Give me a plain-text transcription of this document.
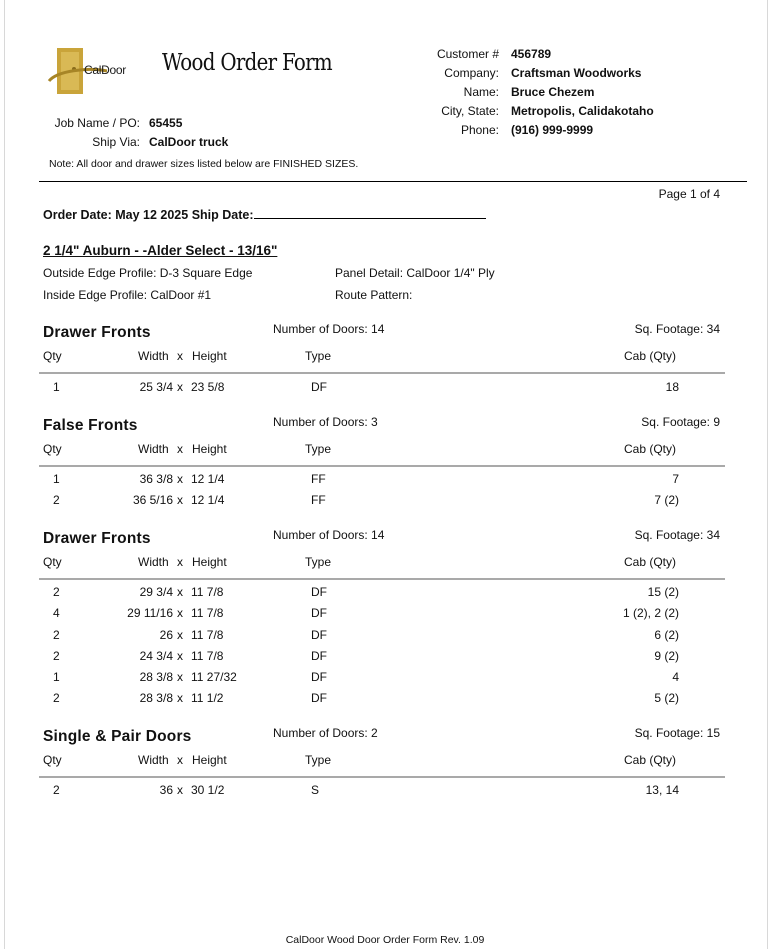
CalDoor Wood Order Form	Customer # 456789
Company: Craftsman Woodworks
Name: Bruce Chezem
City, State: Metropolis, Calidakotaho
Phone: (916) 999-9999
Job Name / PO: 65455
Ship Via: CalDoor truck
Note: All door and drawer sizes listed below are FINISHED SIZES.
Page 1 of 4
Order Date: May 12 2025 Ship Date:
2 1/4" Auburn - -Alder Select - 13/16"
Outside Edge Profile: D-3 Square Edge
Inside Edge Profile: CalDoor #1
Panel Detail: CalDoor 1/4" Ply
Route Pattern:
Drawer Fronts	Number of Doors: 14	Sq. Footage: 34
Qty	Width x Height	Type	Cab (Qty)
1	25 3/4 x 23 5/8	DF	18
False Fronts	Number of Doors: 3	Sq. Footage: 9
Qty	Width x Height	Type	Cab (Qty)
1	36 3/8 x 12 1/4	FF	7
2	36 5/16 x 12 1/4	FF	7 (2)
Drawer Fronts	Number of Doors: 14	Sq. Footage: 34
Qty	Width x Height	Type	Cab (Qty)
2	29 3/4 x 11 7/8	DF	15 (2)
4	29 11/16 x 11 7/8	DF	1 (2), 2 (2)
2	26 x 11 7/8	DF	6 (2)
2	24 3/4 x 11 7/8	DF	9 (2)
1	28 3/8 x 11 27/32	DF	4
2	28 3/8 x 11 1/2	DF	5 (2)
Single & Pair Doors	Number of Doors: 2	Sq. Footage: 15
Qty	Width x Height	Type	Cab (Qty)
2	36 x 30 1/2	S	13, 14
CalDoor Wood Door Order Form Rev. 1.09
